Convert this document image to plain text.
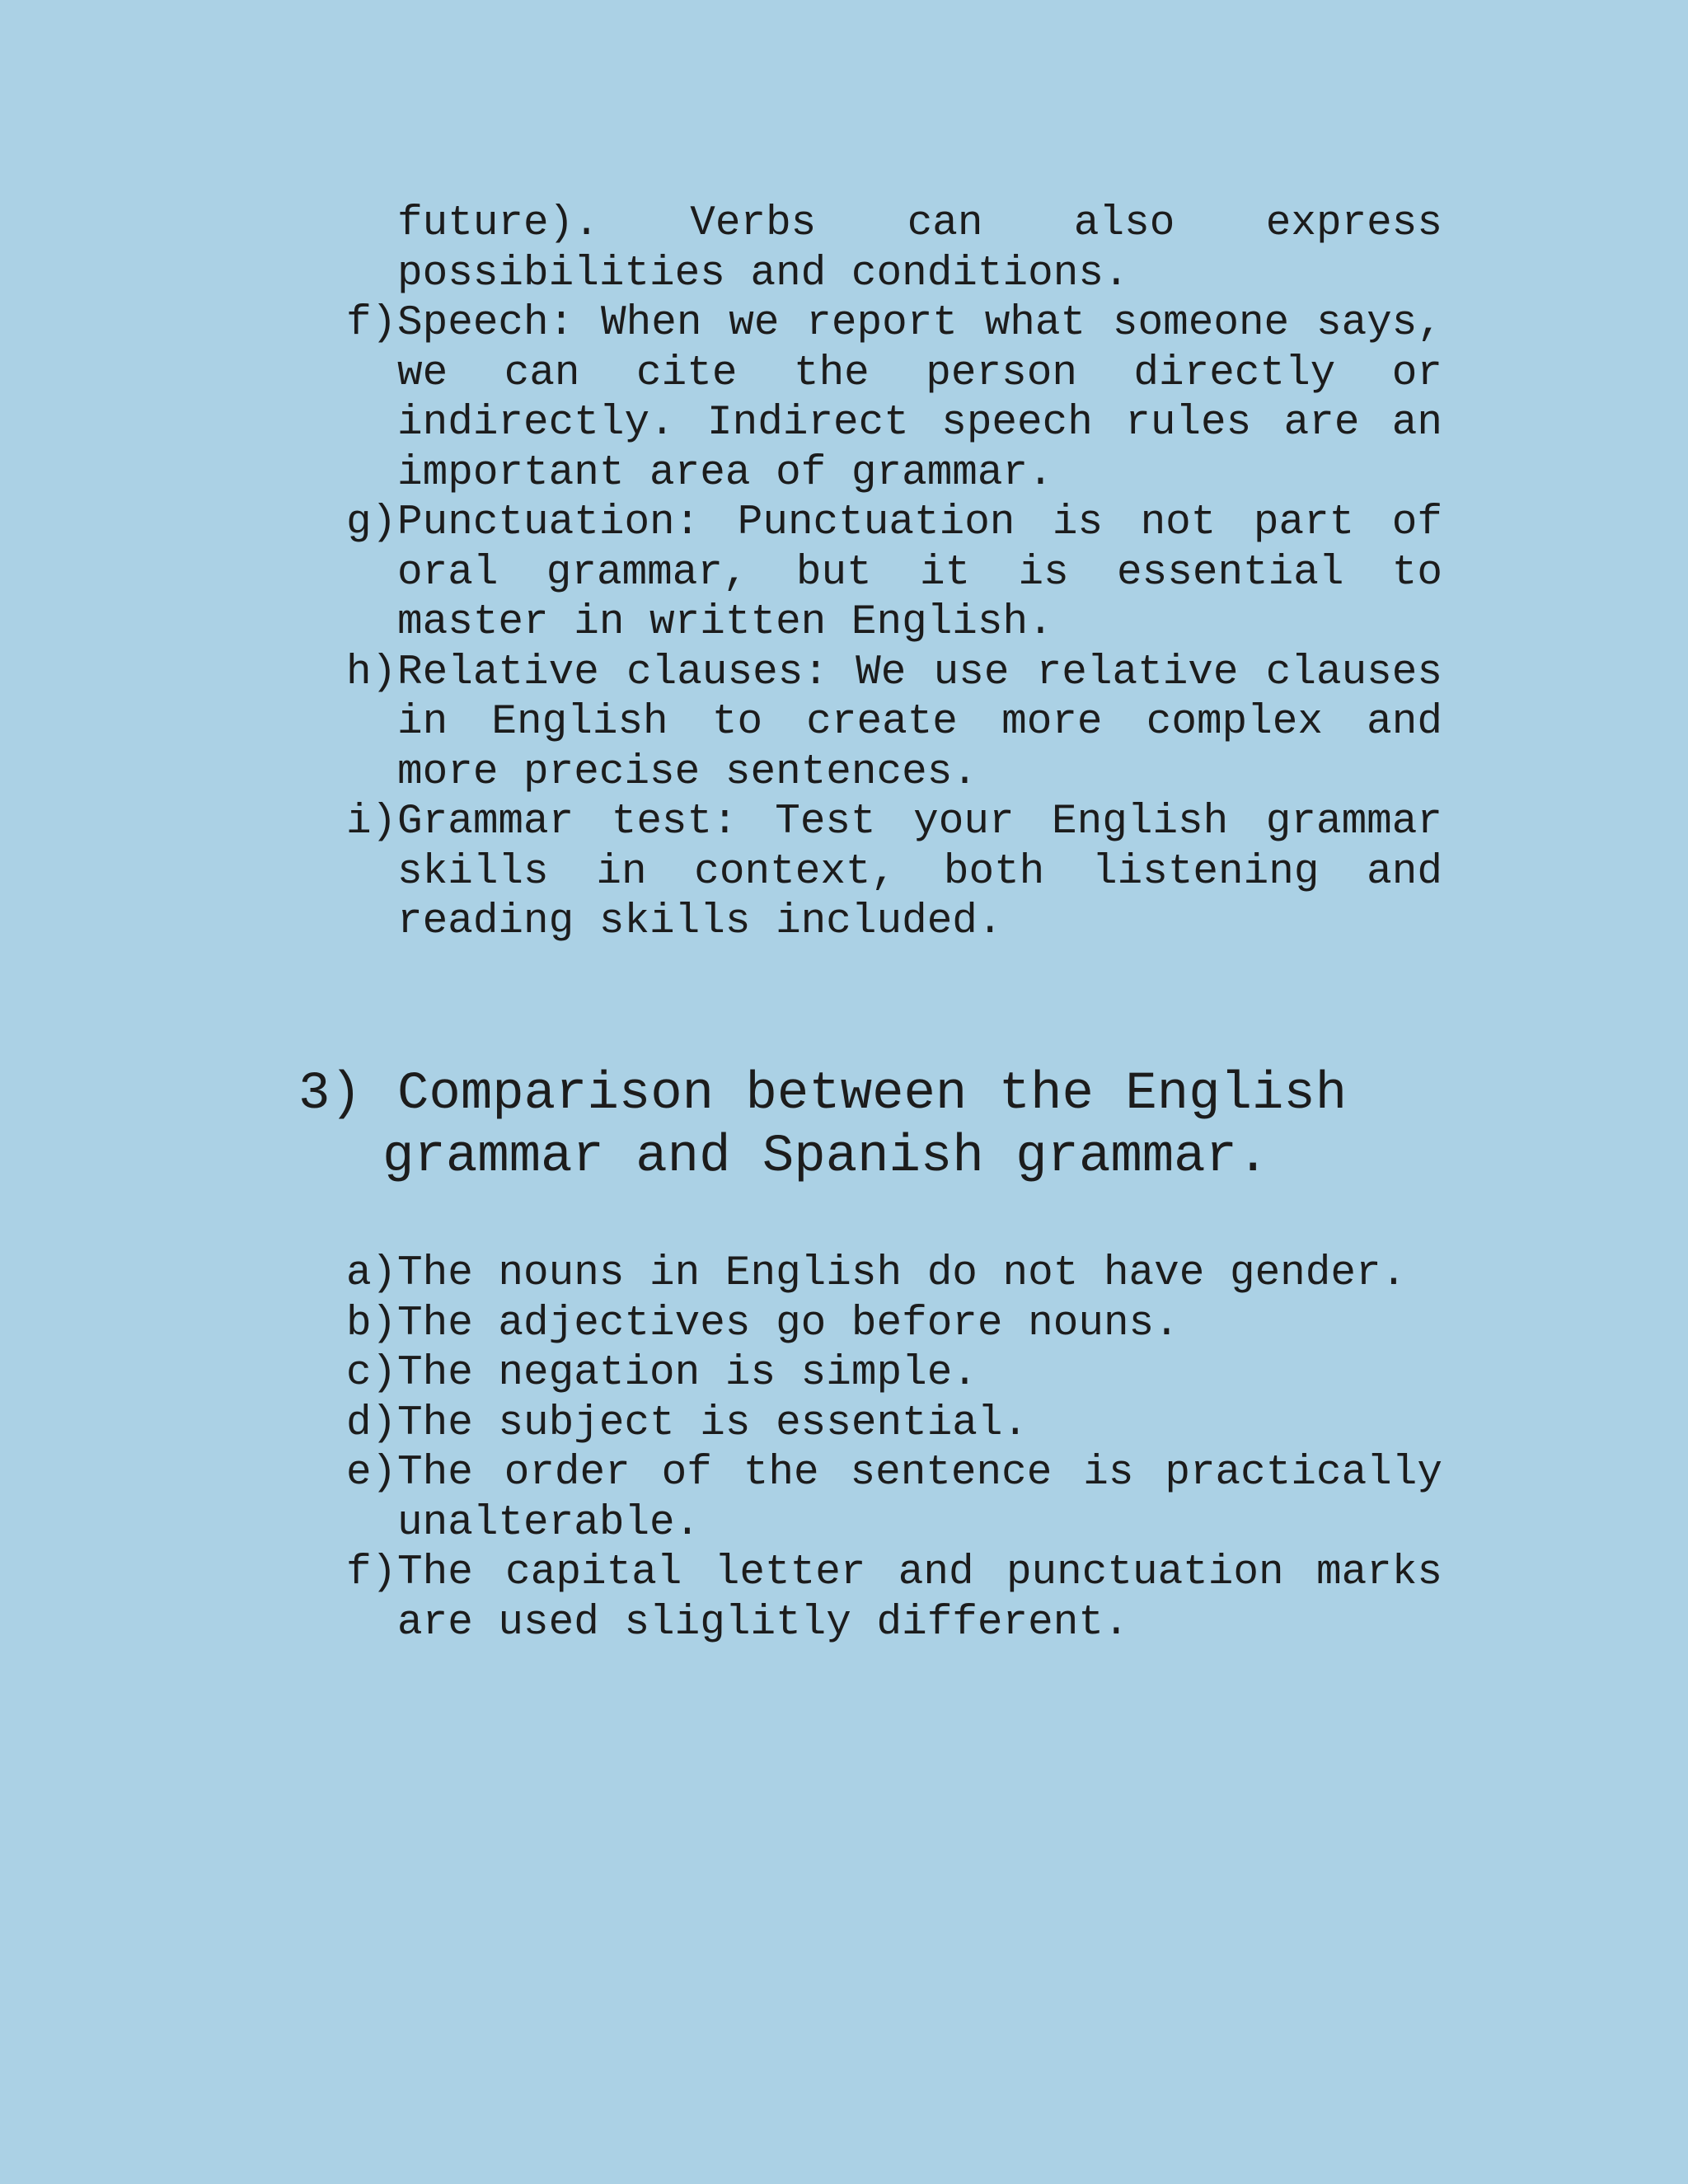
future). Verbs can also express possibilities and conditions.
f) Speech: When we report what someone says, we can cite the person directly or indirectly. Indirect speech rules are an important area of grammar.
g) Punctuation: Punctuation is not part of oral grammar, but it is essential to master in written English.
h) Relative clauses: We use relative clauses in English to create more complex and more precise sentences.
i) Grammar test: Test your English grammar skills in context, both listening and reading skills included.
3) Comparison between the English grammar and Spanish grammar.
a) The nouns in English do not have gender.
b) The adjectives go before nouns.
c) The negation is simple.
d) The subject is essential.
e) The order of the sentence is practically unalterable.
f) The capital letter and punctuation marks are used sliglitly different.
